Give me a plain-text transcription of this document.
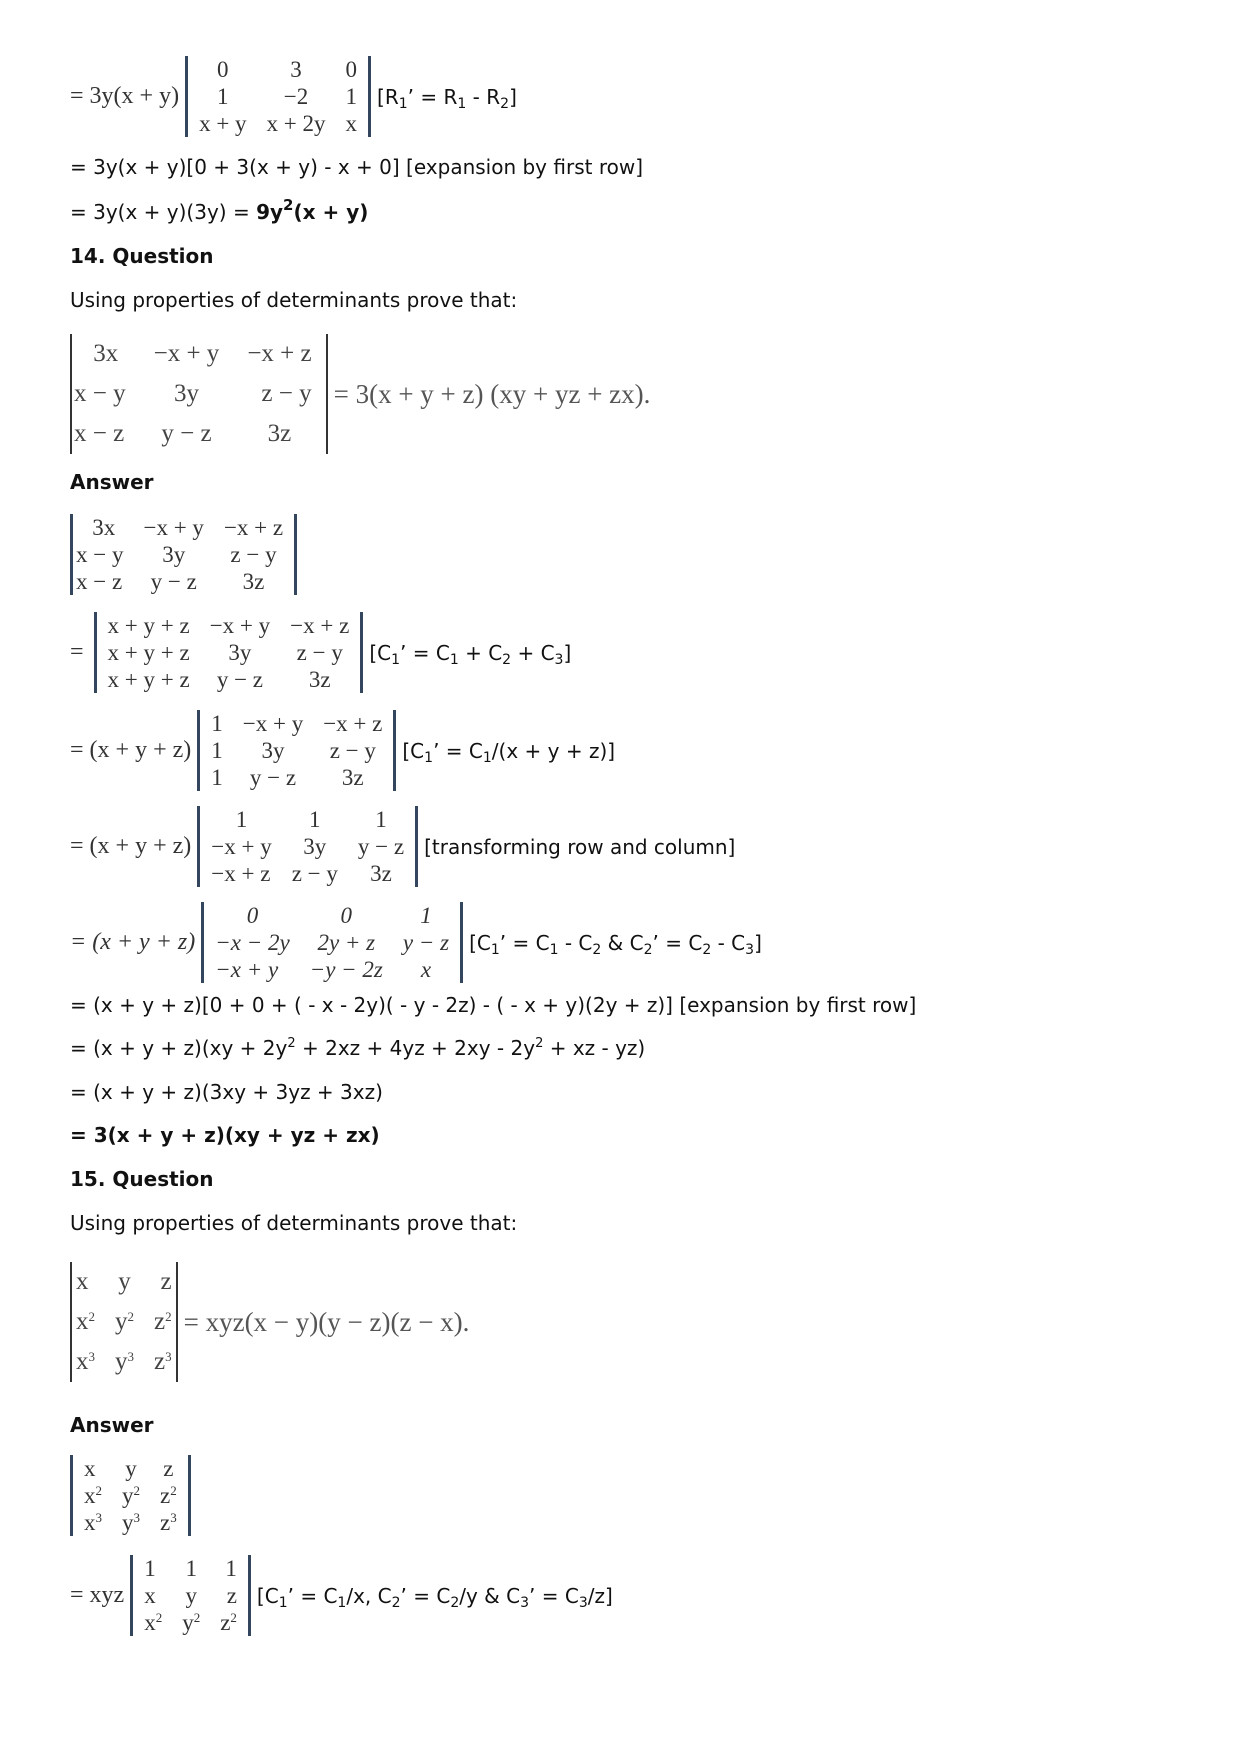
= 3y(x + y)
0	3	0
1	−2	1
x + y	x + 2y	x
[$R_1$’ = $R_1 - R_2$]
= 3y(x + y)[0 + 3(x + y) - x + 0] [expansion by first row]
= $3y(x + y)(3y) = 9y^2(x + y)$
14. Question
Using properties of determinants prove that:
3x	−x + y	−x + z
x − y	3y	z − y
x − z	y − z	3z
= 3(x + y + z) (xy + yz + zx).
Answer
3x	−x + y	−x + z
x − y	3y	z − y
x − z	y − z	3z
=
x + y + z	−x + y	−x + z
x + y + z	3y	z − y
x + y + z	y − z	3z
[$C_1$’ = $C_1 + C_2 + C_3$]
= (x + y + z)
1	−x + y	−x + z
1	3y	z − y
1	y − z	3z
[$C_1$’ = $C_1/(x + y + z)$]
= (x + y + z)
1	1	1
−x + y	3y	y − z
−x + z	z − y	3z
[transforming row and column]
= (x + y + z)
0	0	1
−x − 2y	2y + z	y − z
−x + y	−y − 2z	x
[$C_1$’ = $C_1 - C_2$ & $C_2$’ = $C_2 - C_3$]
= (x + y + z)[0 + 0 + ( - x - 2y)( - y - 2z) - ( - x + y)(2y + z)] [expansion by first row]
= $(x + y + z)(xy + 2y^2 + 2xz + 4yz + 2xy - 2y^2$ + xz - yz)
= (x + y + z)(3xy + 3yz + 3xz)
= 3(x + y + z)(xy + yz + zx)
15. Question
Using properties of determinants prove that:
x	y	z
$x^2$	$y^2$	$z^2$
$x^3$	$y^3$	$z^3$
= xyz(x − y)(y − z)(z − x).
Answer
x	y	z
$x^2$	$y^2$	$z^2$
$x^3$	$y^3$	$z^3$
= xyz
1	1	1
x	y	z
$x^2$	$y^2$	$z^2$
[$C_1$’ = $C_1/x$, $C_2$’ = $C_2/y$ & $C_3$’ = $C_3/z$]
